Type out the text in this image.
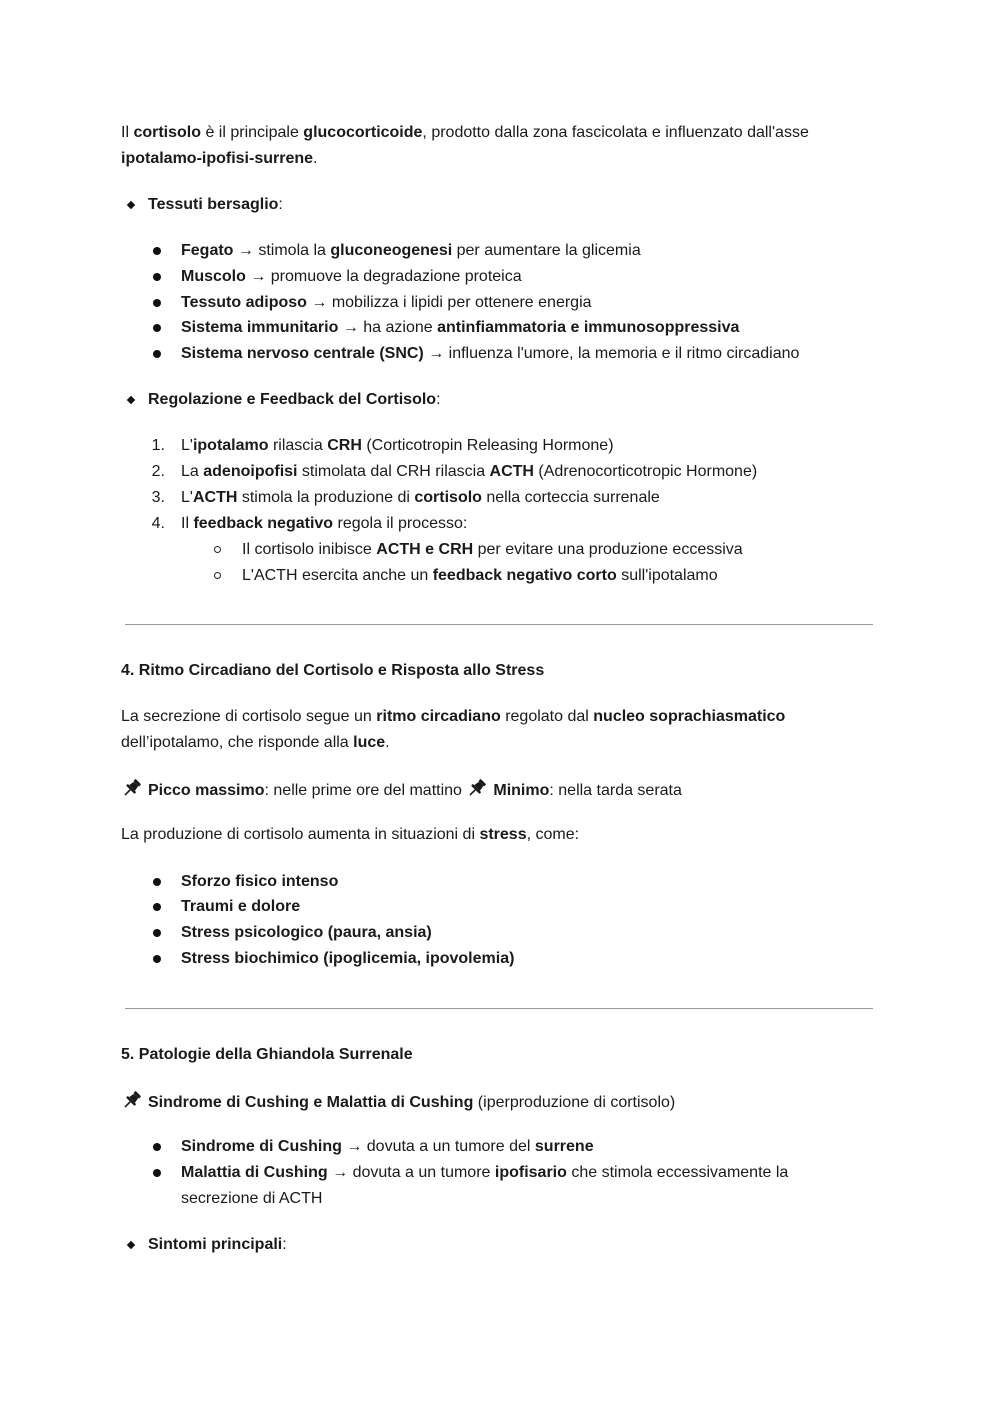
Il cortisolo è il principale glucocorticoide, prodotto dalla zona fascicolata e influenzato dall'asse
ipotalamo-ipofisi-surrene.
Tessuti bersaglio:
Fegato → stimola la gluconeogenesi per aumentare la glicemia
Muscolo → promuove la degradazione proteica
Tessuto adiposo → mobilizza i lipidi per ottenere energia
Sistema immunitario → ha azione antinfiammatoria e immunosoppressiva
Sistema nervoso centrale (SNC) → influenza l'umore, la memoria e il ritmo circadiano
Regolazione e Feedback del Cortisolo:
1. L'ipotalamo rilascia CRH (Corticotropin Releasing Hormone)
2. La adenoipofisi stimolata dal CRH rilascia ACTH (Adrenocorticotropic Hormone)
3. L'ACTH stimola la produzione di cortisolo nella corteccia surrenale
4. Il feedback negativo regola il processo:
Il cortisolo inibisce ACTH e CRH per evitare una produzione eccessiva
L'ACTH esercita anche un feedback negativo corto sull'ipotalamo
4. Ritmo Circadiano del Cortisolo e Risposta allo Stress
La secrezione di cortisolo segue un ritmo circadiano regolato dal nucleo soprachiasmatico
dell’ipotalamo, che risponde alla luce.
Picco massimo: nelle prime ore del mattino Minimo: nella tarda serata
La produzione di cortisolo aumenta in situazioni di stress, come:
Sforzo fisico intenso
Traumi e dolore
Stress psicologico (paura, ansia)
Stress biochimico (ipoglicemia, ipovolemia)
5. Patologie della Ghiandola Surrenale
Sindrome di Cushing e Malattia di Cushing (iperproduzione di cortisolo)
Sindrome di Cushing → dovuta a un tumore del surrene
Malattia di Cushing → dovuta a un tumore ipofisario che stimola eccessivamente la
secrezione di ACTH
Sintomi principali:
